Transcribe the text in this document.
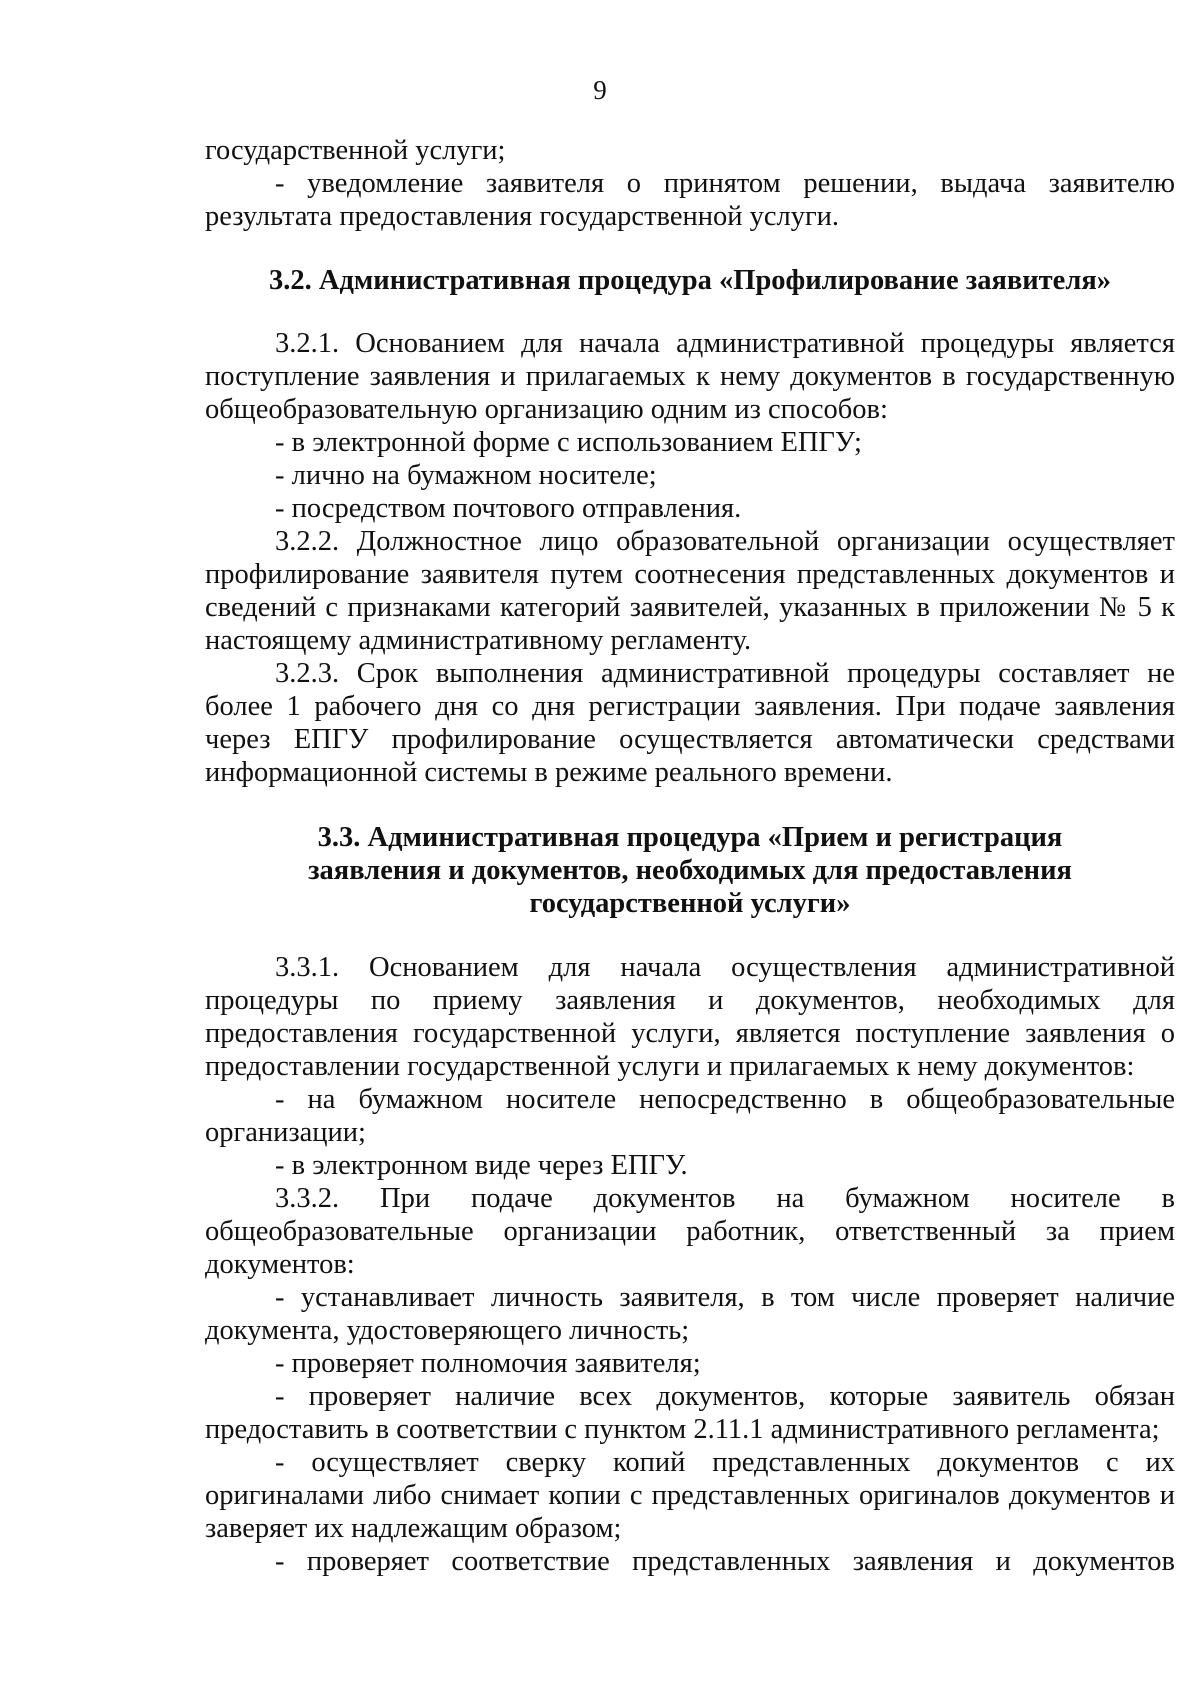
9

государственной услуги;

- уведомление заявителя о принятом решении, выдача заявителю результата предоставления государственной услуги.

3.2. Административная процедура «Профилирование заявителя»

3.2.1. Основанием для начала административной процедуры является поступление заявления и прилагаемых к нему документов в государственную общеобразовательную организацию одним из способов:

- в электронной форме с использованием ЕПГУ;

- лично на бумажном носителе;

- посредством почтового отправления.

3.2.2. Должностное лицо образовательной организации осуществляет профилирование заявителя путем соотнесения представленных документов и сведений с признаками категорий заявителей, указанных в приложении № 5 к настоящему административному регламенту.

3.2.3. Срок выполнения административной процедуры составляет не более 1 рабочего дня со дня регистрации заявления. При подаче заявления через ЕПГУ профилирование осуществляется автоматически средствами информационной системы в режиме реального времени.

3.3. Административная процедура «Прием и регистрация
заявления и документов, необходимых для предоставления
государственной услуги»

3.3.1. Основанием для начала осуществления административной процедуры по приему заявления и документов, необходимых для предоставления государственной услуги, является поступление заявления о предоставлении государственной услуги и прилагаемых к нему документов:

- на бумажном носителе непосредственно в общеобразовательные организации;

- в электронном виде через ЕПГУ.

3.3.2. При подаче документов на бумажном носителе в общеобразовательные организации работник, ответственный за прием документов:

- устанавливает личность заявителя, в том числе проверяет наличие документа, удостоверяющего личность;

- проверяет полномочия заявителя;

- проверяет наличие всех документов, которые заявитель обязан предоставить в соответствии с пунктом 2.11.1 административного регламента;

- осуществляет сверку копий представленных документов с их оригиналами либо снимает копии с представленных оригиналов документов и заверяет их надлежащим образом;

- проверяет соответствие представленных заявления и документов
